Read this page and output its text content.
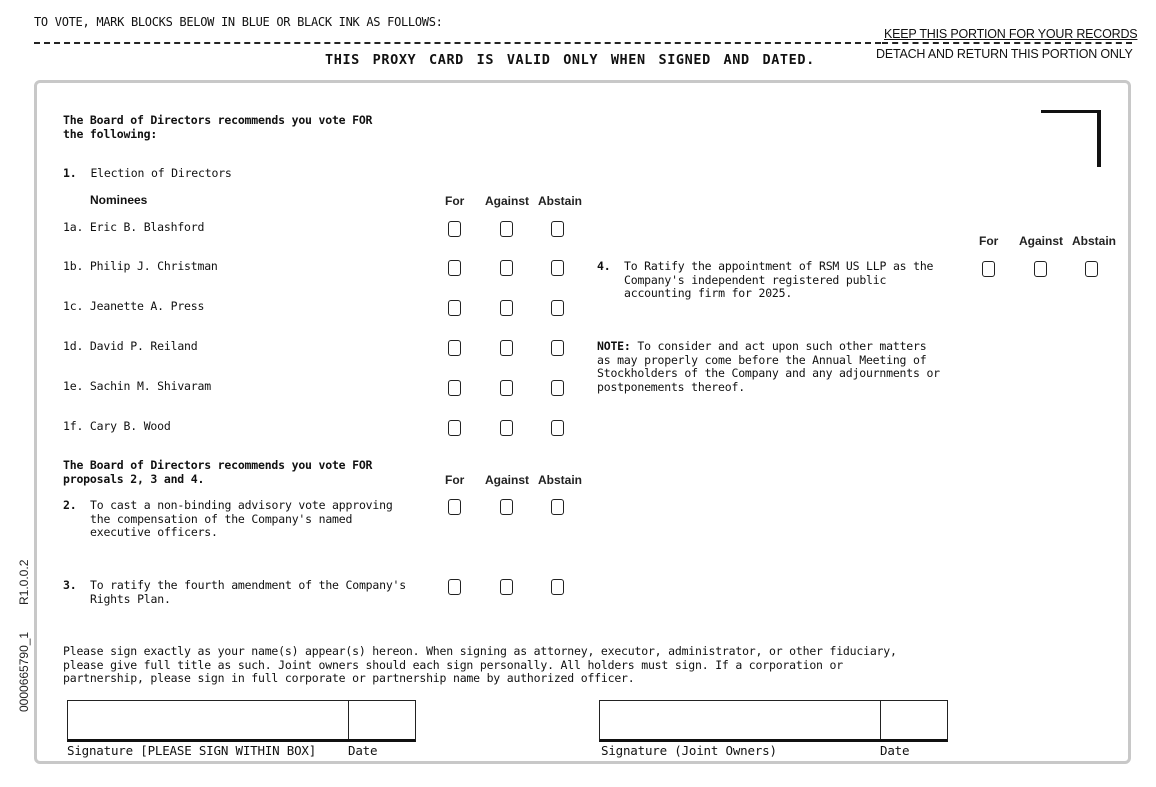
TO VOTE, MARK BLOCKS BELOW IN BLUE OR BLACK INK AS FOLLOWS:
KEEP THIS PORTION FOR YOUR RECORDS
DETACH AND RETURN THIS PORTION ONLY
THIS PROXY CARD IS VALID ONLY WHEN SIGNED AND DATED.
0000665790_1
R1.0.0.2
The Board of Directors recommends you vote FOR
the following:
1. Election of Directors
Nominees	For Against Abstain
1a. Eric B. Blashford
1b. Philip J. Christman
1c. Jeanette A. Press
1d. David P. Reiland
1e. Sachin M. Shivaram
1f. Cary B. Wood
The Board of Directors recommends you vote FOR
proposals 2, 3 and 4.	For Against Abstain
2. To cast a non-binding advisory vote approving
the compensation of the Company's named
executive officers.
3. To ratify the fourth amendment of the Company's
Rights Plan.
For Against Abstain
4. To Ratify the appointment of RSM US LLP as the
Company's independent registered public
accounting firm for 2025.
NOTE: To consider and act upon such other matters
as may properly come before the Annual Meeting of
Stockholders of the Company and any adjournments or
postponements thereof.
Please sign exactly as your name(s) appear(s) hereon. When signing as attorney, executor, administrator, or other fiduciary,
please give full title as such. Joint owners should each sign personally. All holders must sign. If a corporation or
partnership, please sign in full corporate or partnership name by authorized officer.
Signature [PLEASE SIGN WITHIN BOX]	Date	Signature (Joint Owners)	Date
